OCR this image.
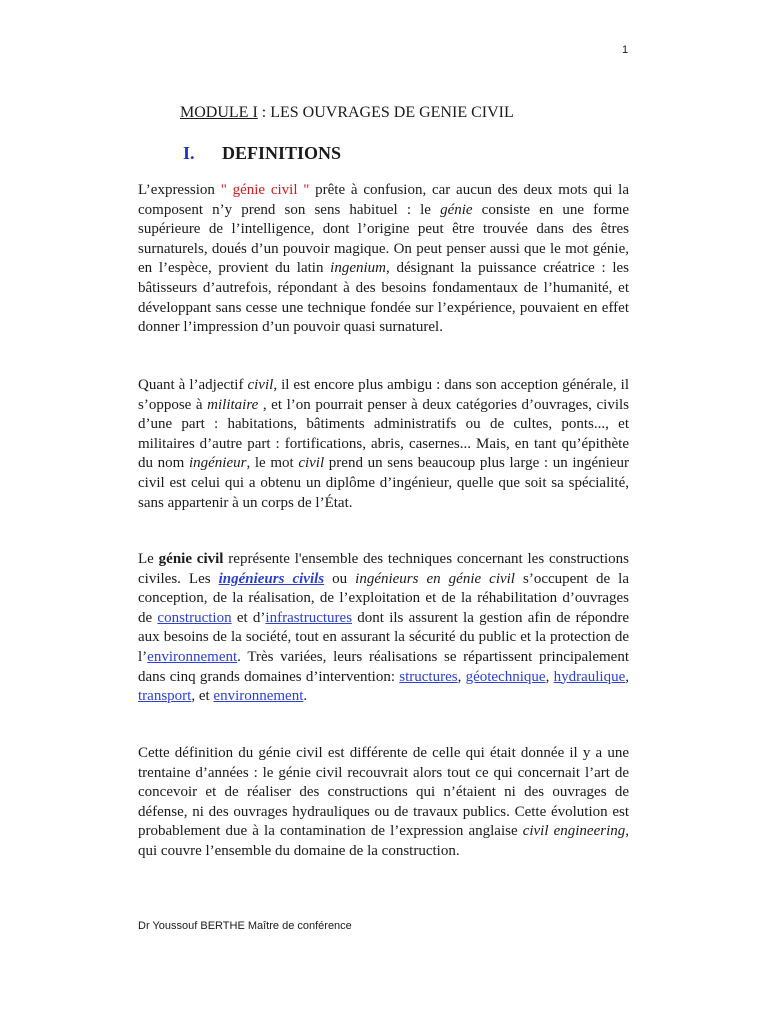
1
MODULE I : LES OUVRAGES DE GENIE CIVIL
I. DEFINITIONS

L’expression " génie civil " prête à confusion, car aucun des deux mots qui la composent n’y prend son sens habituel : le génie consiste en une forme supérieure de l’intelligence, dont l’origine peut être trouvée dans des êtres surnaturels, doués d’un pouvoir magique. On peut penser aussi que le mot génie, en l’espèce, provient du latin ingenium, désignant la puissance créatrice : les bâtisseurs d’autrefois, répondant à des besoins fondamentaux de l’humanité, et développant sans cesse une technique fondée sur l’expérience, pouvaient en effet donner l’impression d’un pouvoir quasi surnaturel.

Quant à l’adjectif civil, il est encore plus ambigu : dans son acception générale, il s’oppose à militaire , et l’on pourrait penser à deux catégories d’ouvrages, civils d’une part : habitations, bâtiments administratifs ou de cultes, ponts..., et militaires d’autre part : fortifications, abris, casernes... Mais, en tant qu’épithète du nom ingénieur, le mot civil prend un sens beaucoup plus large : un ingénieur civil est celui qui a obtenu un diplôme d’ingénieur, quelle que soit sa spécialité, sans appartenir à un corps de l’État.

Le génie civil représente l'ensemble des techniques concernant les constructions civiles. Les ingénieurs civils ou ingénieurs en génie civil s’occupent de la conception, de la réalisation, de l’exploitation et de la réhabilitation d’ouvrages de construction et d’infrastructures dont ils assurent la gestion afin de répondre aux besoins de la société, tout en assurant la sécurité du public et la protection de l’environnement. Très variées, leurs réalisations se répartissent principalement dans cinq grands domaines d’intervention: structures, géotechnique, hydraulique, transport, et environnement.

Cette définition du génie civil est différente de celle qui était donnée il y a une trentaine d’années : le génie civil recouvrait alors tout ce qui concernait l’art de concevoir et de réaliser des constructions qui n’étaient ni des ouvrages de défense, ni des ouvrages hydrauliques ou de travaux publics. Cette évolution est probablement due à la contamination de l’expression anglaise civil engineering, qui couvre l’ensemble du domaine de la construction.

Dr Youssouf BERTHE Maître de conférence
